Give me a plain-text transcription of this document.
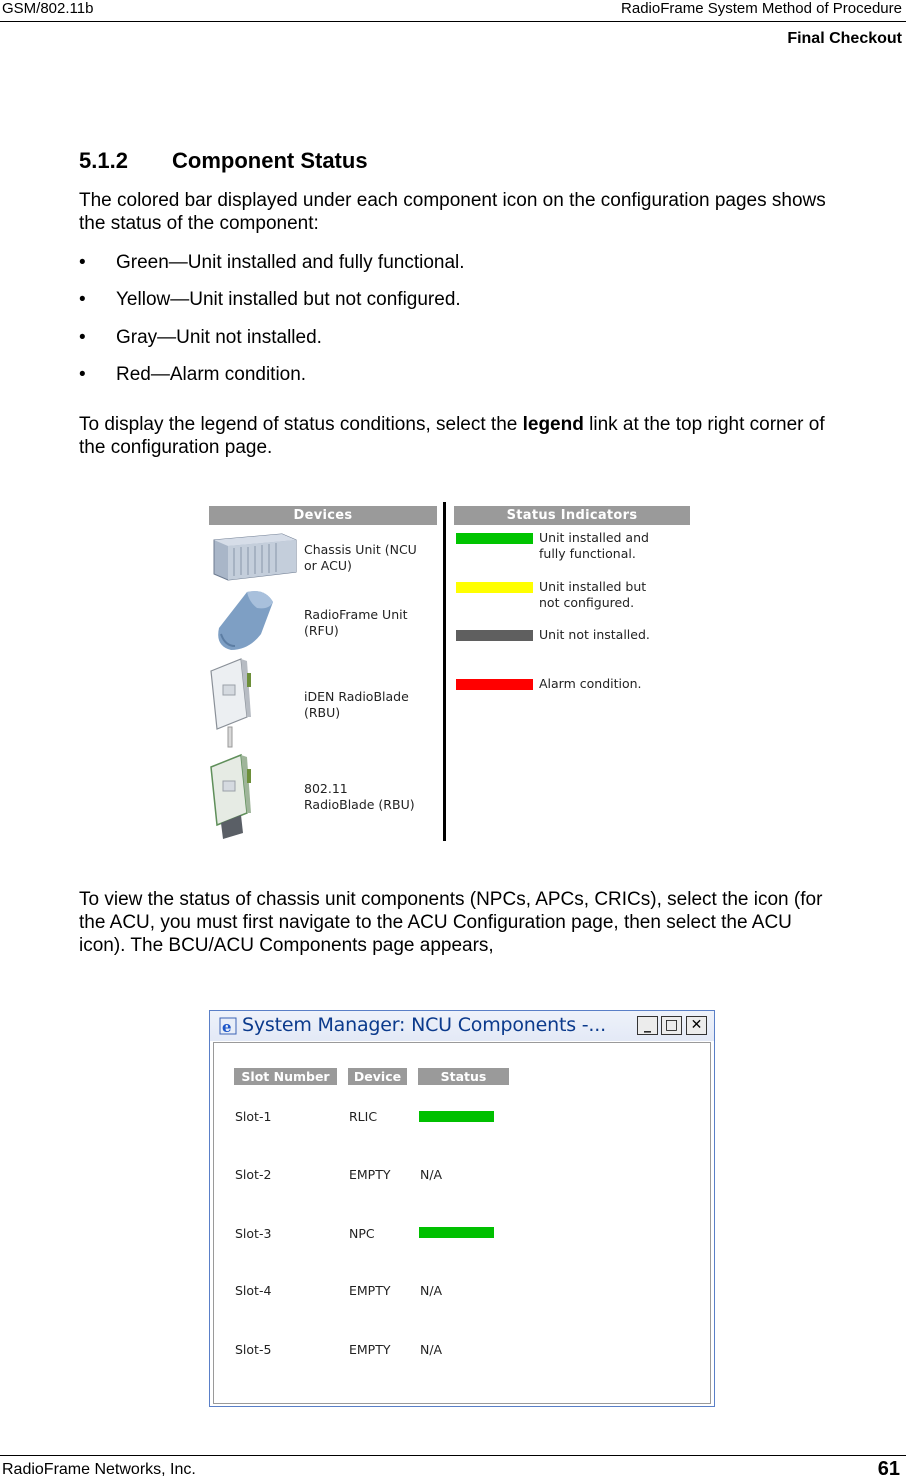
GSM/802.11b	RadioFrame System Method of Procedure
Final Checkout
5.1.2 Component Status
The colored bar displayed under each component icon on the configuration pages shows
the status of the component:
•	Green—Unit installed and fully functional.
•	Yellow—Unit installed but not configured.
•	Gray—Unit not installed.
•	Red—Alarm condition.
To display the legend of status conditions, select the legend link at the top right corner of
the configuration page.
Devices	Status Indicators
Chassis Unit (NCU
or ACU)
RadioFrame Unit
(RFU)
iDEN RadioBlade
(RBU)
802.11
RadioBlade (RBU)
Unit installed and
fully functional.
Unit installed but
not configured.
Unit not installed.
Alarm condition.
To view the status of chassis unit components (NPCs, APCs, CRICs), select the icon (for
the ACU, you must first navigate to the ACU Configuration page, then select the ACU
icon). The BCU/ACU Components page appears,
e System Manager: NCU Components -...	_ □ ✕
Slot Number	Device	Status
Slot-1	RLIC
Slot-2	EMPTY N/A
Slot-3	NPC
Slot-4	EMPTY N/A
Slot-5	EMPTY N/A
RadioFrame Networks, Inc.	61
